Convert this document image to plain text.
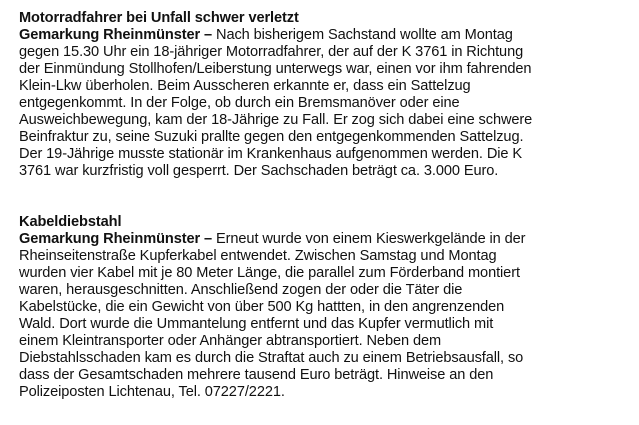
Motorradfahrer bei Unfall schwer verletzt
Gemarkung Rheinmünster – Nach bisherigem Sachstand wollte am Montag
gegen 15.30 Uhr ein 18-jähriger Motorradfahrer, der auf der K 3761 in Richtung
der Einmündung Stollhofen/Leiberstung unterwegs war, einen vor ihm fahrenden
Klein-Lkw überholen. Beim Ausscheren erkannte er, dass ein Sattelzug
entgegenkommt. In der Folge, ob durch ein Bremsmanöver oder eine
Ausweichbewegung, kam der 18-Jährige zu Fall. Er zog sich dabei eine schwere
Beinfraktur zu, seine Suzuki prallte gegen den entgegenkommenden Sattelzug.
Der 19-Jährige musste stationär im Krankenhaus aufgenommen werden. Die K
3761 war kurzfristig voll gesperrt. Der Sachschaden beträgt ca. 3.000 Euro.
Kabeldiebstahl
Gemarkung Rheinmünster – Erneut wurde von einem Kieswerkgelände in der
Rheinseitenstraße Kupferkabel entwendet. Zwischen Samstag und Montag
wurden vier Kabel mit je 80 Meter Länge, die parallel zum Förderband montiert
waren, herausgeschnitten. Anschließend zogen der oder die Täter die
Kabelstücke, die ein Gewicht von über 500 Kg hattten, in den angrenzenden
Wald. Dort wurde die Ummantelung entfernt und das Kupfer vermutlich mit
einem Kleintransporter oder Anhänger abtransportiert. Neben dem
Diebstahlsschaden kam es durch die Straftat auch zu einem Betriebsausfall, so
dass der Gesamtschaden mehrere tausend Euro beträgt. Hinweise an den
Polizeiposten Lichtenau, Tel. 07227/2221.
